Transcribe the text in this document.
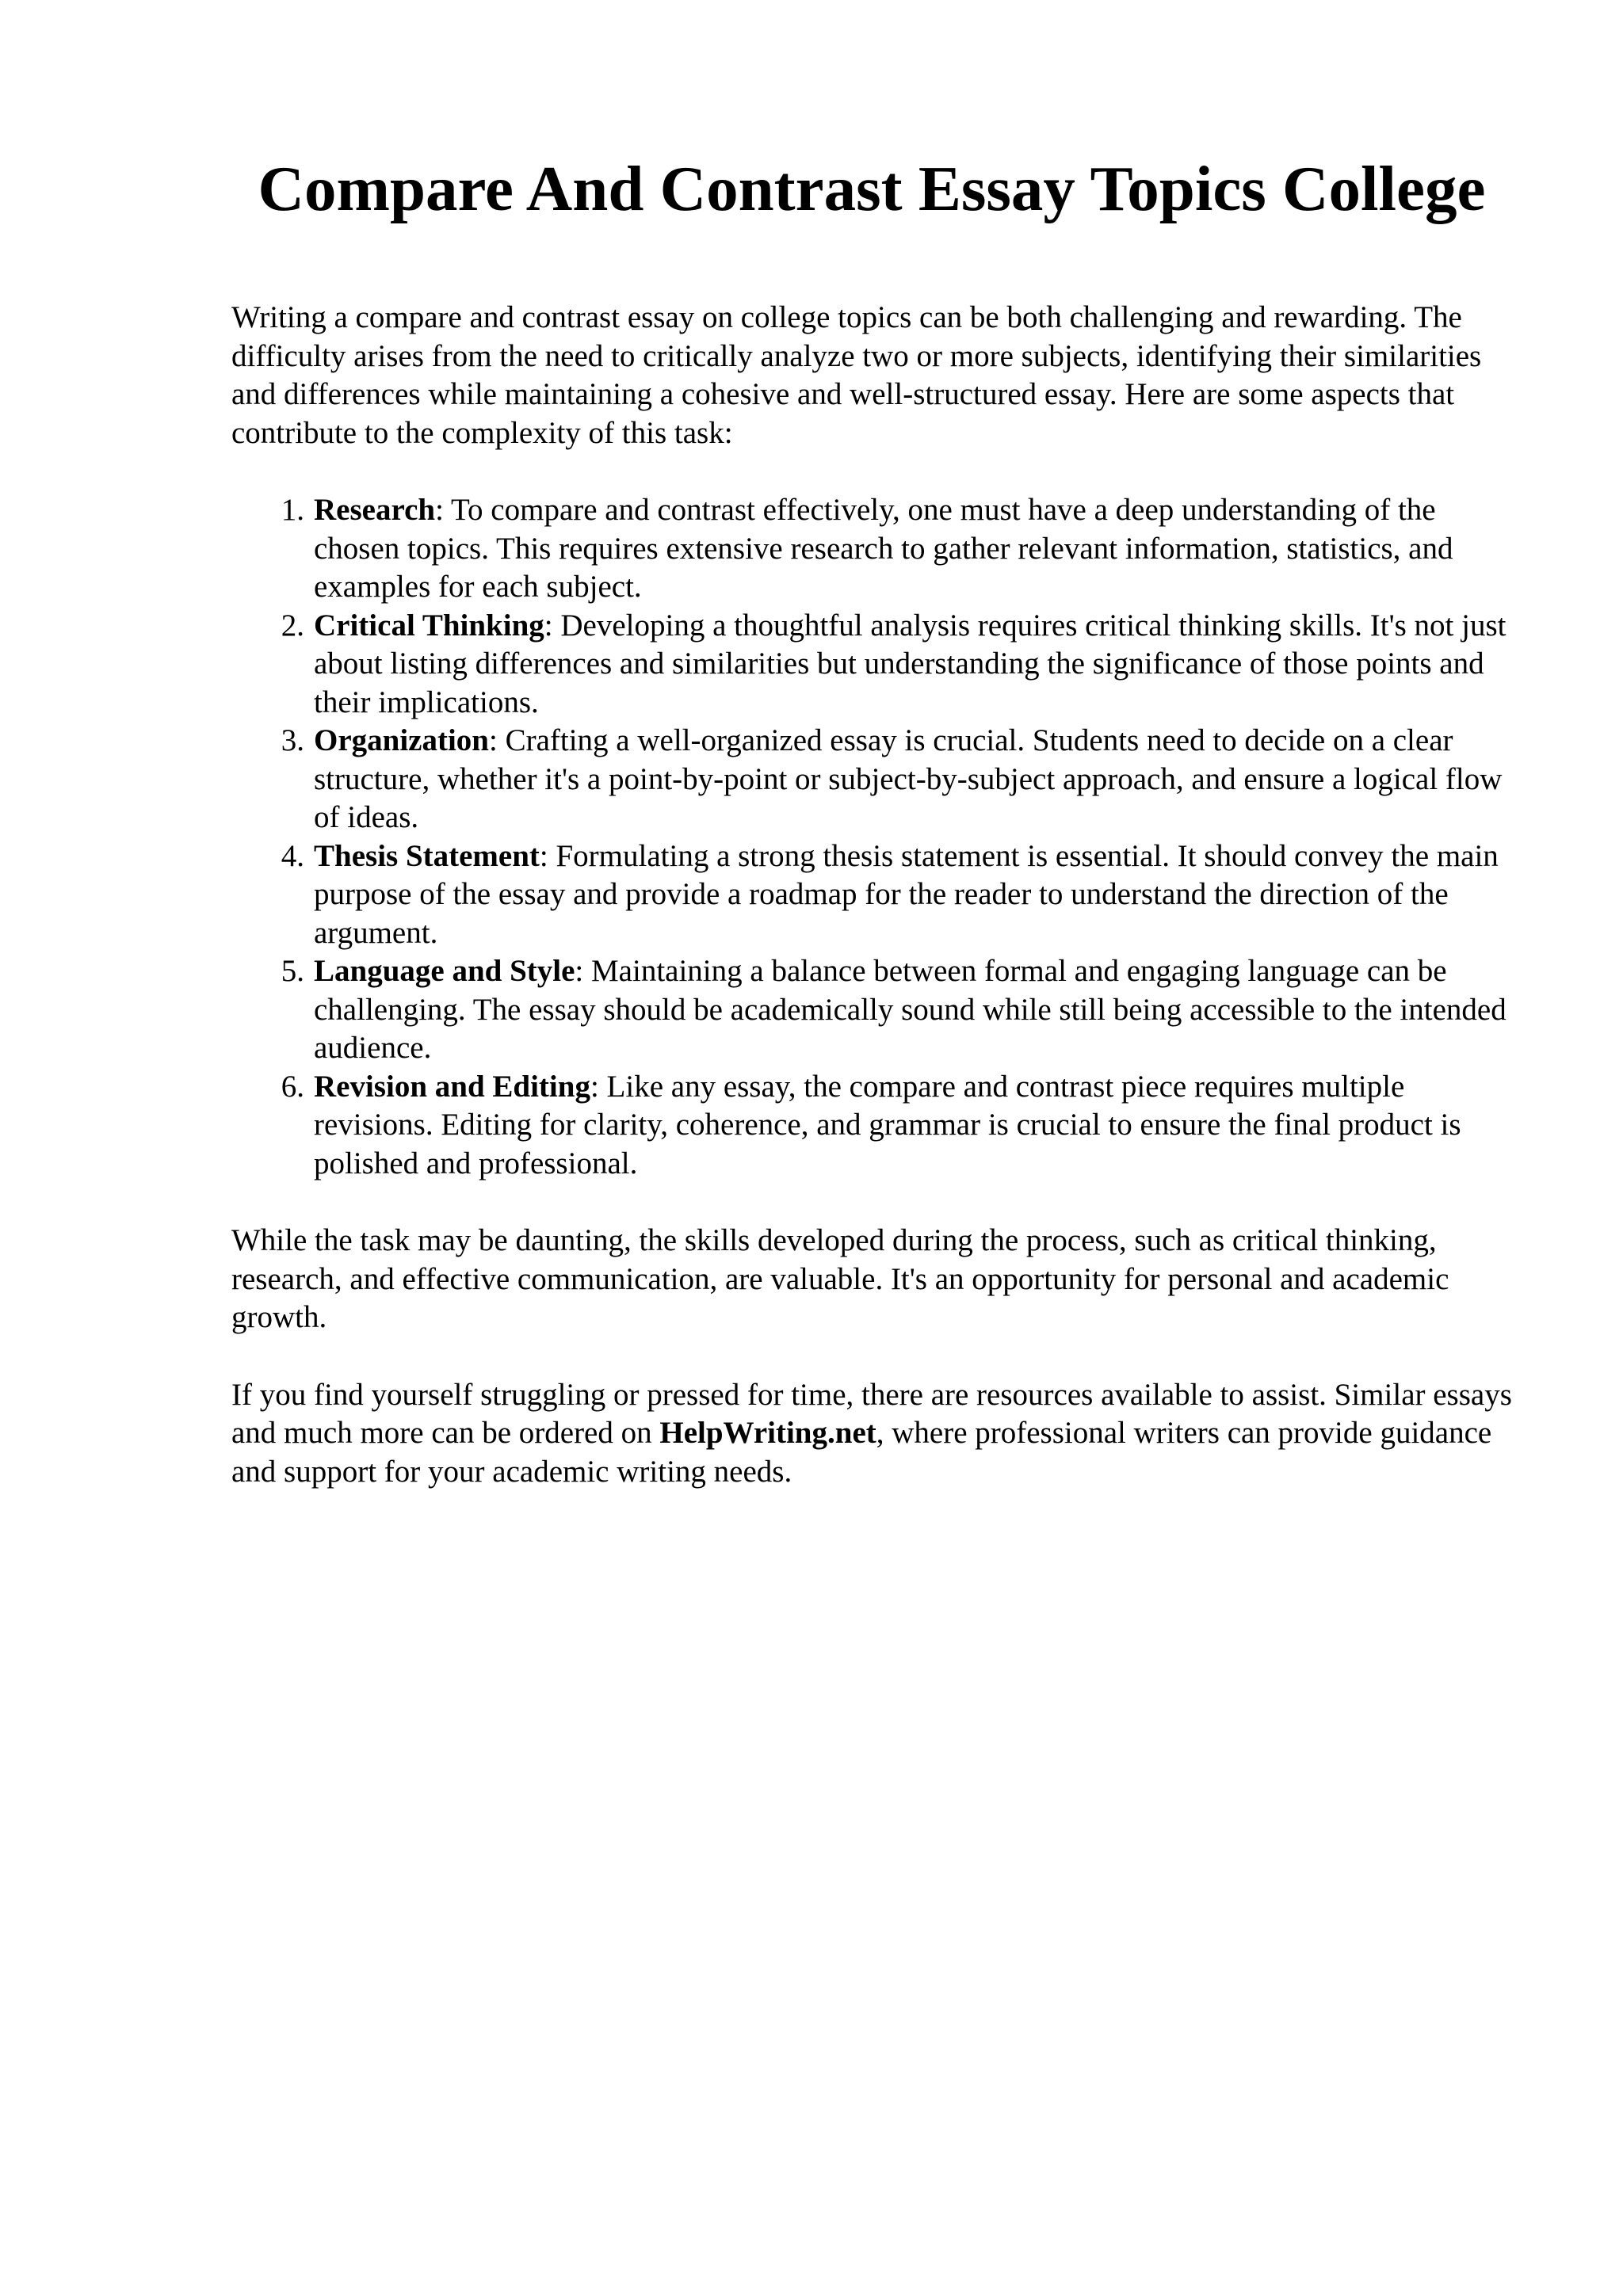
Compare And Contrast Essay Topics College

Writing a compare and contrast essay on college topics can be both challenging and rewarding. The difficulty arises from the need to critically analyze two or more subjects, identifying their similarities and differences while maintaining a cohesive and well-structured essay. Here are some aspects that contribute to the complexity of this task:

1. Research: To compare and contrast effectively, one must have a deep understanding of the chosen topics. This requires extensive research to gather relevant information, statistics, and examples for each subject.
2. Critical Thinking: Developing a thoughtful analysis requires critical thinking skills. It's not just about listing differences and similarities but understanding the significance of those points and their implications.
3. Organization: Crafting a well-organized essay is crucial. Students need to decide on a clear structure, whether it's a point-by-point or subject-by-subject approach, and ensure a logical flow of ideas.
4. Thesis Statement: Formulating a strong thesis statement is essential. It should convey the main purpose of the essay and provide a roadmap for the reader to understand the direction of the argument.
5. Language and Style: Maintaining a balance between formal and engaging language can be challenging. The essay should be academically sound while still being accessible to the intended audience.
6. Revision and Editing: Like any essay, the compare and contrast piece requires multiple revisions. Editing for clarity, coherence, and grammar is crucial to ensure the final product is polished and professional.

While the task may be daunting, the skills developed during the process, such as critical thinking, research, and effective communication, are valuable. It's an opportunity for personal and academic growth.

If you find yourself struggling or pressed for time, there are resources available to assist. Similar essays and much more can be ordered on HelpWriting.net, where professional writers can provide guidance and support for your academic writing needs.
